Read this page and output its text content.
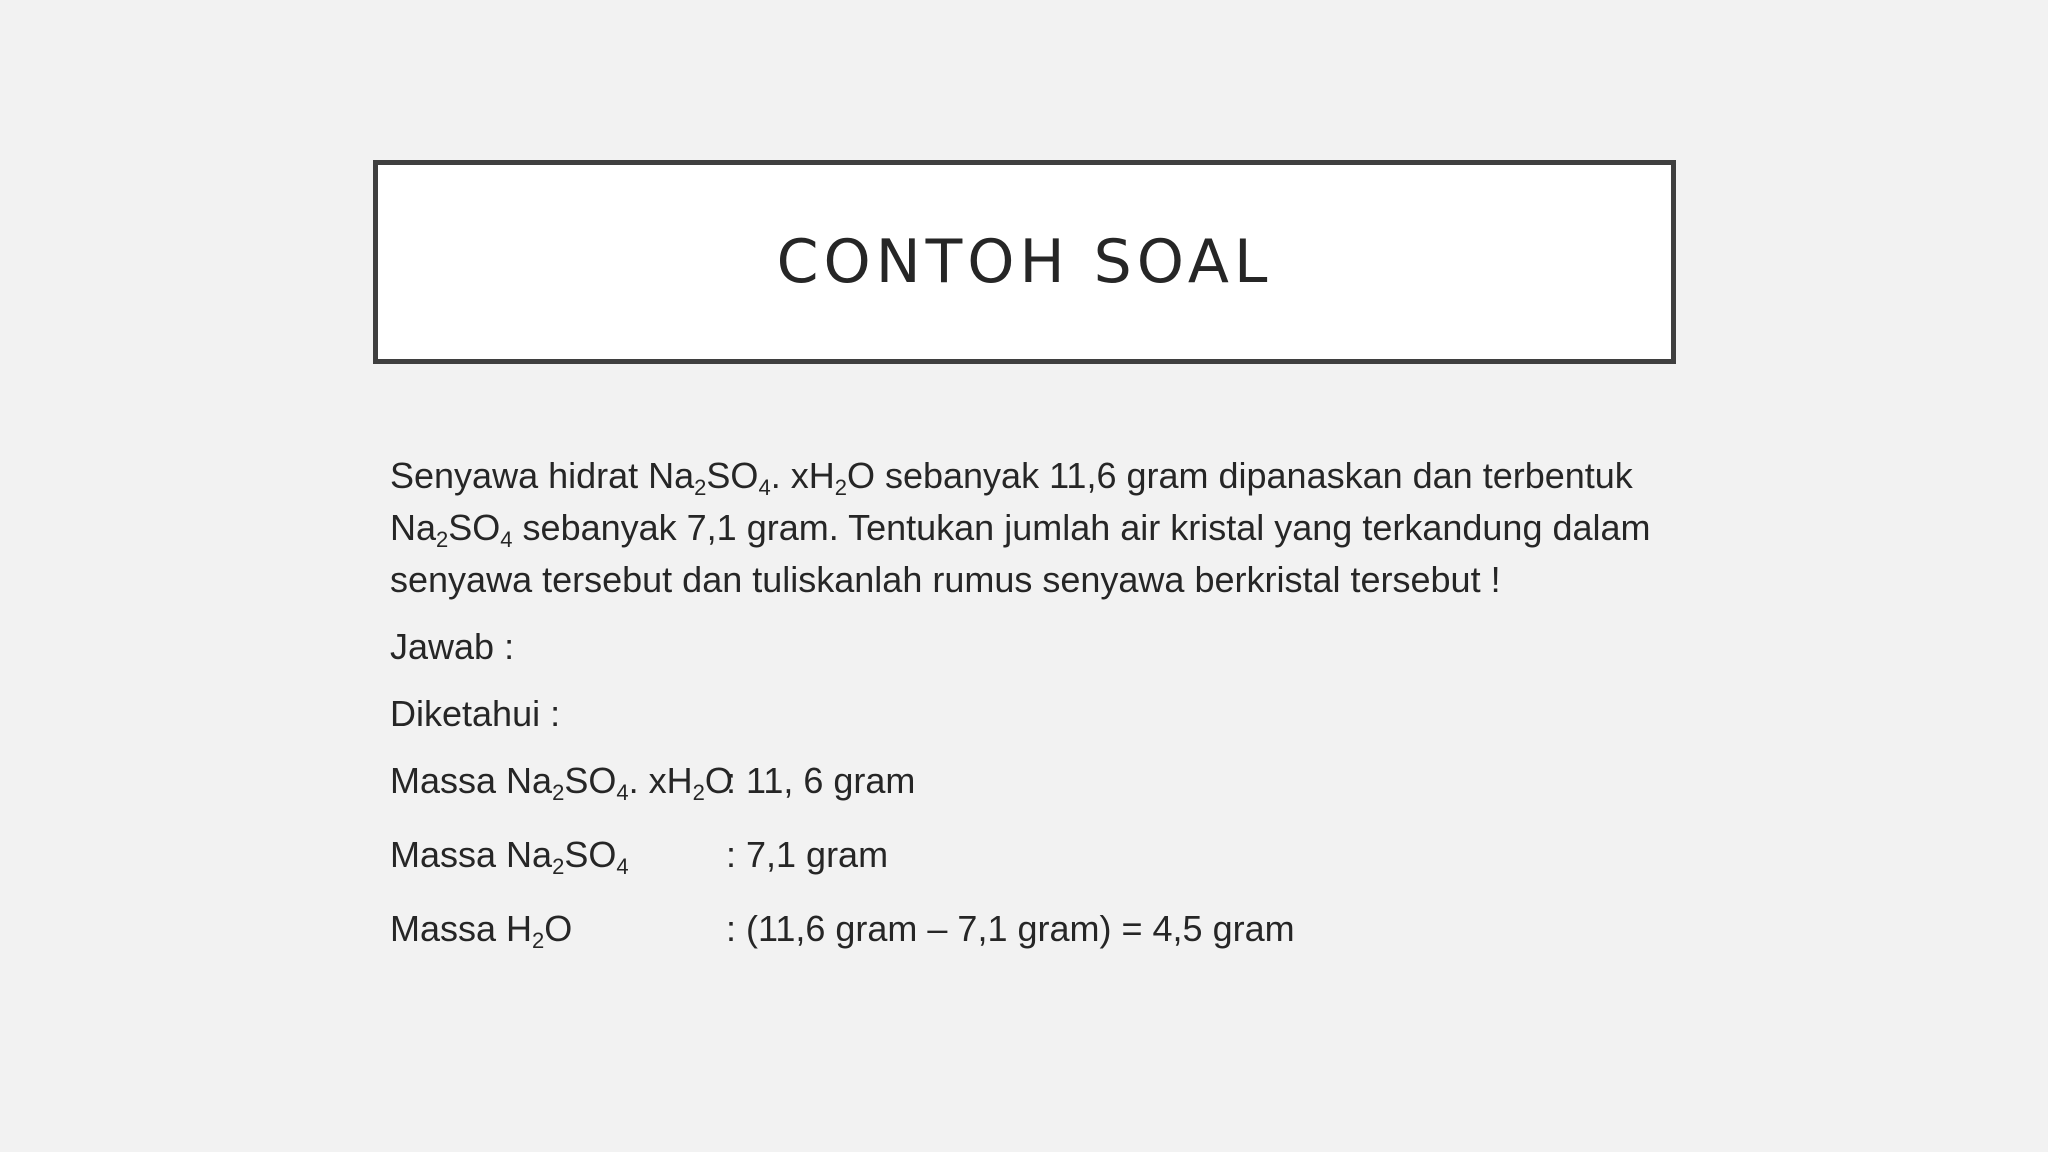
CONTOH SOAL

Senyawa hidrat $Na_2SO_4$. $xH_2O$ sebanyak 11,6 gram dipanaskan dan terbentuk
$Na_2SO_4$ sebanyak 7,1 gram. Tentukan jumlah air kristal yang terkandung dalam
senyawa tersebut dan tuliskanlah rumus senyawa berkristal tersebut !

Jawab :
Diketahui :
Massa $Na_2SO_4$. $xH_2O$
: 11, 6 gram
Massa $Na_2SO_4$	: 7,1 gram
Massa $H_2O$	: (11,6 gram – 7,1 gram) = 4,5 gram
